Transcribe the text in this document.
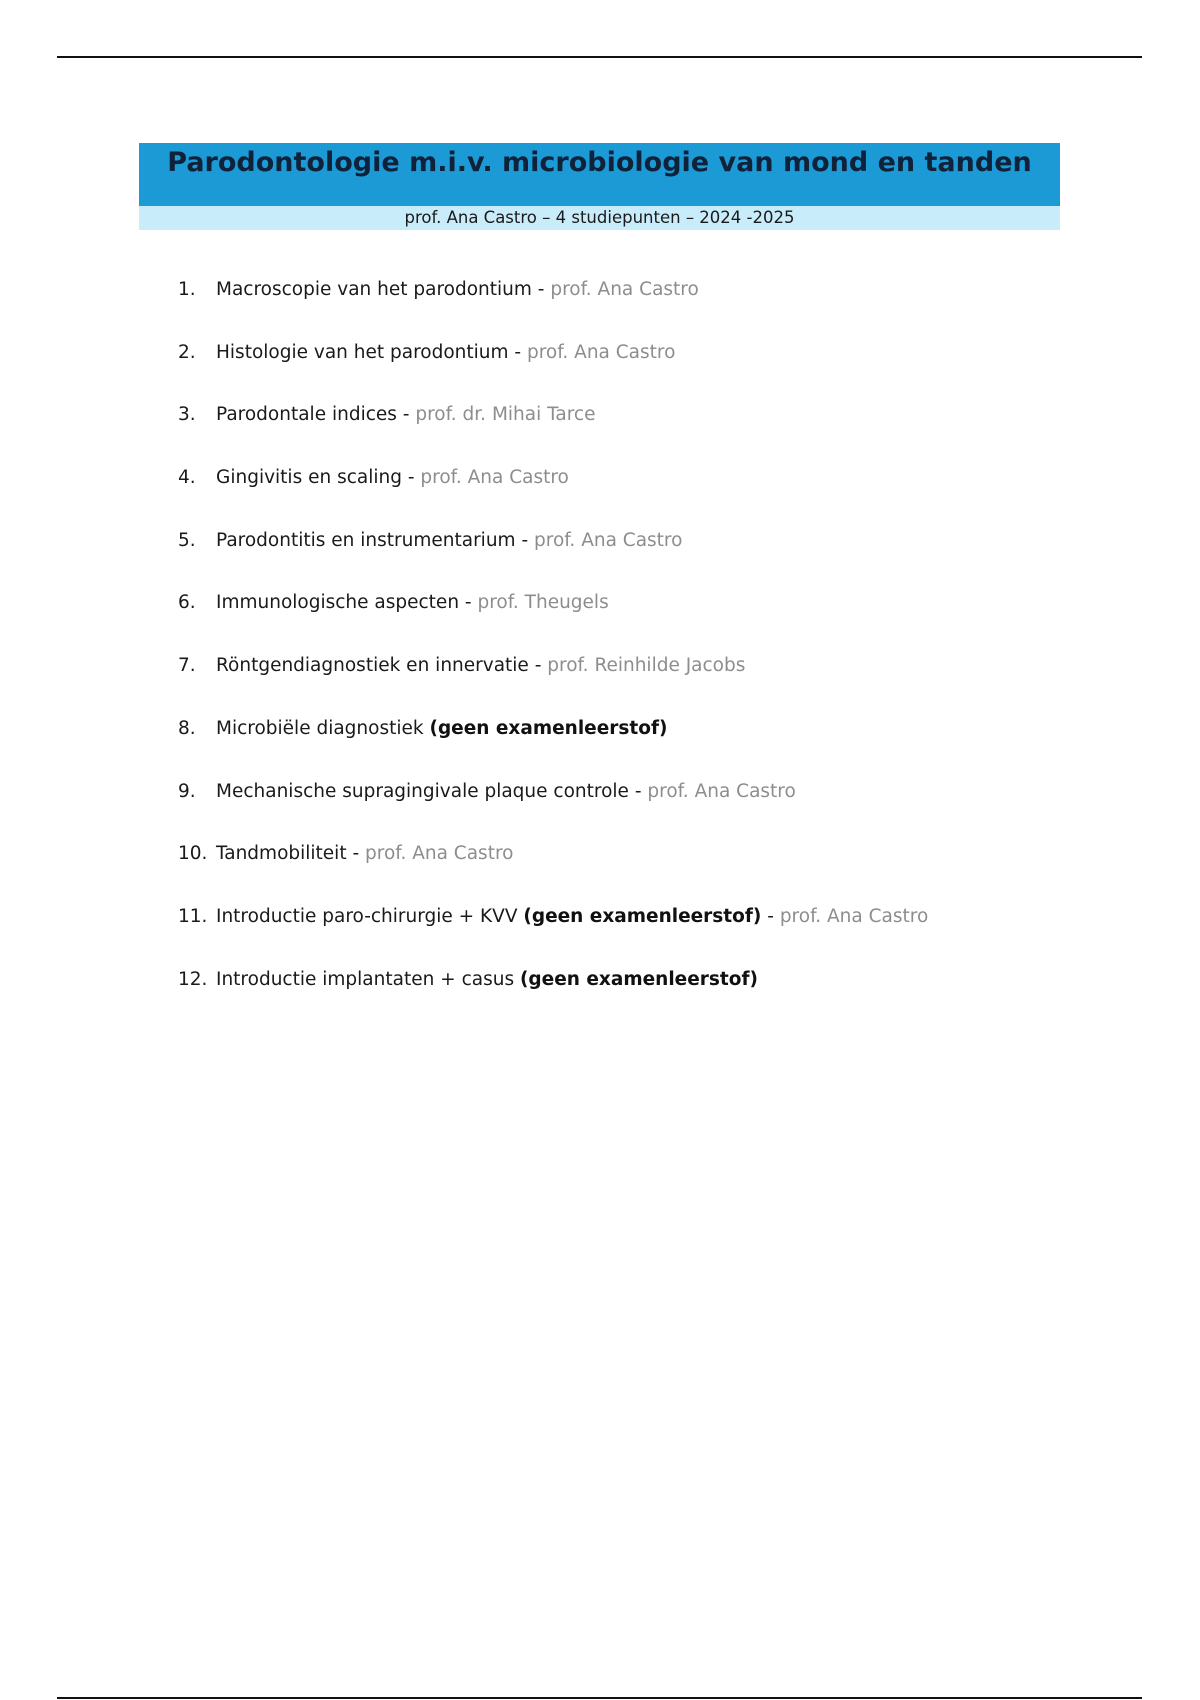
Parodontologie m.i.v. microbiologie van mond en tanden
prof. Ana Castro – 4 studiepunten – 2024 -2025
1. Macroscopie van het parodontium - prof. Ana Castro
2. Histologie van het parodontium - prof. Ana Castro
3. Parodontale indices - prof. dr. Mihai Tarce
4. Gingivitis en scaling - prof. Ana Castro
5. Parodontitis en instrumentarium - prof. Ana Castro
6. Immunologische aspecten - prof. Theugels
7. Röntgendiagnostiek en innervatie - prof. Reinhilde Jacobs
8. Microbiële diagnostiek (geen examenleerstof)
9. Mechanische supragingivale plaque controle - prof. Ana Castro
10. Tandmobiliteit - prof. Ana Castro
11. Introductie paro-chirurgie + KVV (geen examenleerstof) - prof. Ana Castro
12. Introductie implantaten + casus (geen examenleerstof)
